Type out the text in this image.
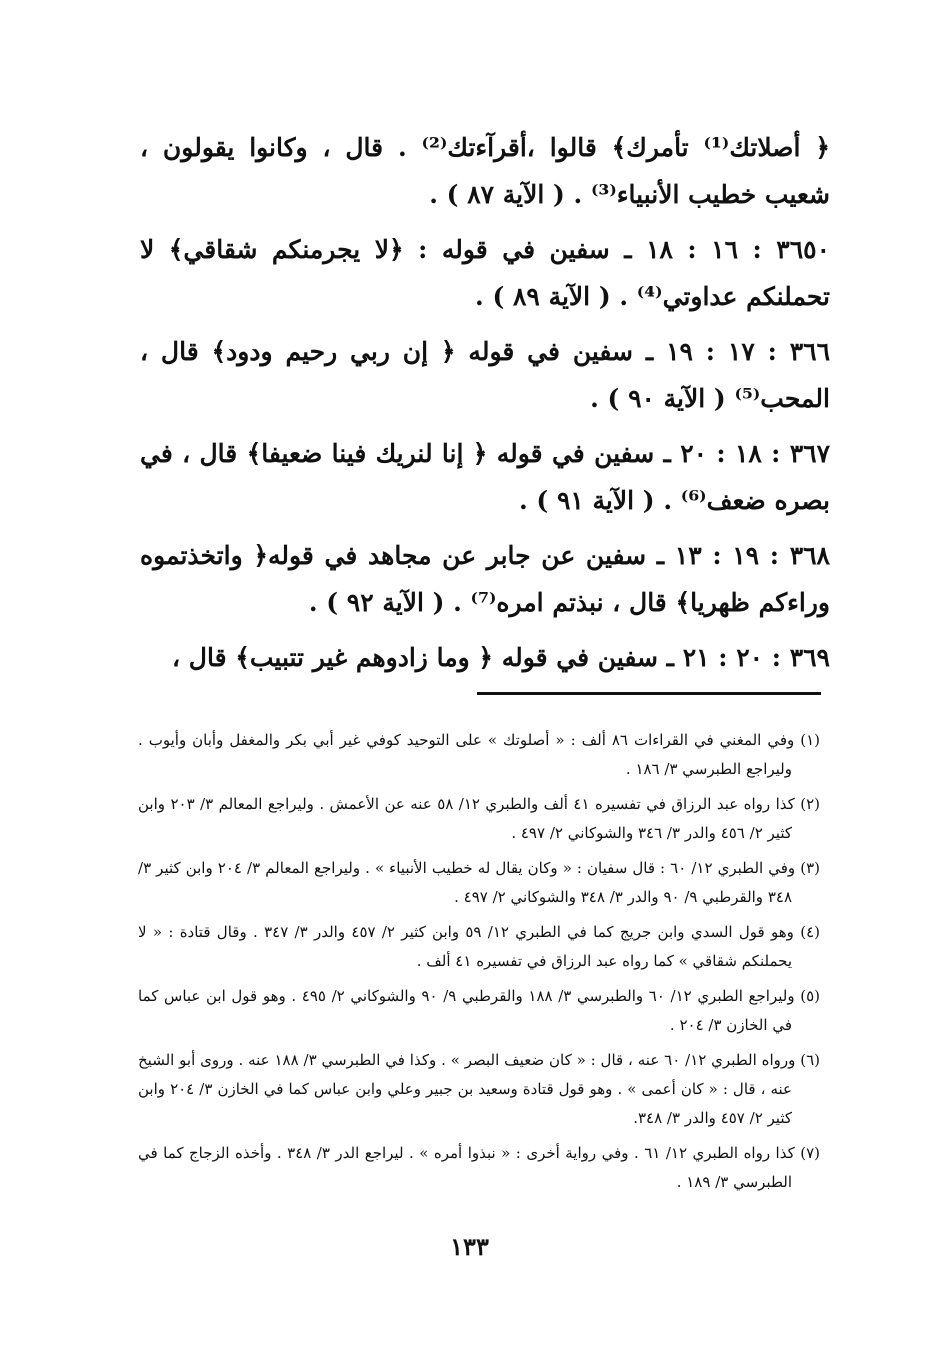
﴿ أصلاتك⁽¹⁾ تأمرك﴾ قالوا ،أقرآءتك⁽²⁾ . قال ، وكانوا يقولون ، شعيب خطيب الأنبياء⁽³⁾ . ( الآية ٨٧ ) .

٣٦٥٠ : ١٦ : ١٨ ـ سفين في قوله : ﴿لا يجرمنكم شقاقي﴾ لا تحملنكم عداوتي⁽⁴⁾ . ( الآية ٨٩ ) .

٣٦٦ : ١٧ : ١٩ ـ سفين في قوله ﴿ إن ربي رحيم ودود﴾ قال ، المحب⁽⁵⁾ ( الآية ٩٠ ) .

٣٦٧ : ١٨ : ٢٠ ـ سفين في قوله ﴿ إنا لنريك فينا ضعيفا﴾ قال ، في بصره ضعف⁽⁶⁾ . ( الآية ٩١ ) .

٣٦٨ : ١٩ : ١٣ ـ سفين عن جابر عن مجاهد في قوله﴿ واتخذتموه وراءكم ظهريا﴾ قال ، نبذتم امره⁽⁷⁾ . ( الآية ٩٢ ) .

٣٦٩ : ٢٠ : ٢١ ـ سفين في قوله ﴿ وما زادوهم غير تتبيب﴾ قال ،

(١) وفي المغني في القراءات ٨٦ ألف : « أصلوتك » على التوحيد كوفي غير أبي بكر والمغفل وأبان وأيوب . وليراجع الطبرسي ٣/ ١٨٦ .

(٢) كذا رواه عبد الرزاق في تفسيره ٤١ ألف والطبري ١٢/ ٥٨ عنه عن الأعمش . وليراجع المعالم ٣/ ٢٠٣ وابن كثير ٢/ ٤٥٦ والدر ٣/ ٣٤٦ والشوكاني ٢/ ٤٩٧ .

(٣) وفي الطبري ١٢/ ٦٠ : قال سفيان : « وكان يقال له خطيب الأنبياء » . وليراجع المعالم ٣/ ٢٠٤ وابن كثير ٣/ ٣٤٨ والقرطبي ٩/ ٩٠ والدر ٣/ ٣٤٨ والشوكاني ٢/ ٤٩٧ .

(٤) وهو قول السدي وابن جريج كما في الطبري ١٢/ ٥٩ وابن كثير ٢/ ٤٥٧ والدر ٣/ ٣٤٧ . وقال قتادة : « لا يحملنكم شقاقي » كما رواه عبد الرزاق في تفسيره ٤١ ألف .

(٥) وليراجع الطبري ١٢/ ٦٠ والطبرسي ٣/ ١٨٨ والقرطبي ٩/ ٩٠ والشوكاني ٢/ ٤٩٥ . وهو قول ابن عباس كما في الخازن ٣/ ٢٠٤ .

(٦) ورواه الطبري ١٢/ ٦٠ عنه ، قال : « كان ضعيف البصر » . وكذا في الطبرسي ٣/ ١٨٨ عنه . وروى أبو الشيخ عنه ، قال : « كان أعمى » . وهو قول قتادة وسعيد بن جبير وعلي وابن عباس كما في الخازن ٣/ ٢٠٤ وابن كثير ٢/ ٤٥٧ والدر ٣/ ٣٤٨.

(٧) كذا رواه الطبري ١٢/ ٦١ . وفي رواية أخرى : « نبذوا أمره » . ليراجع الدر ٣/ ٣٤٨ . وأخذه الزجاج كما في الطبرسي ٣/ ١٨٩ .

١٣٣
